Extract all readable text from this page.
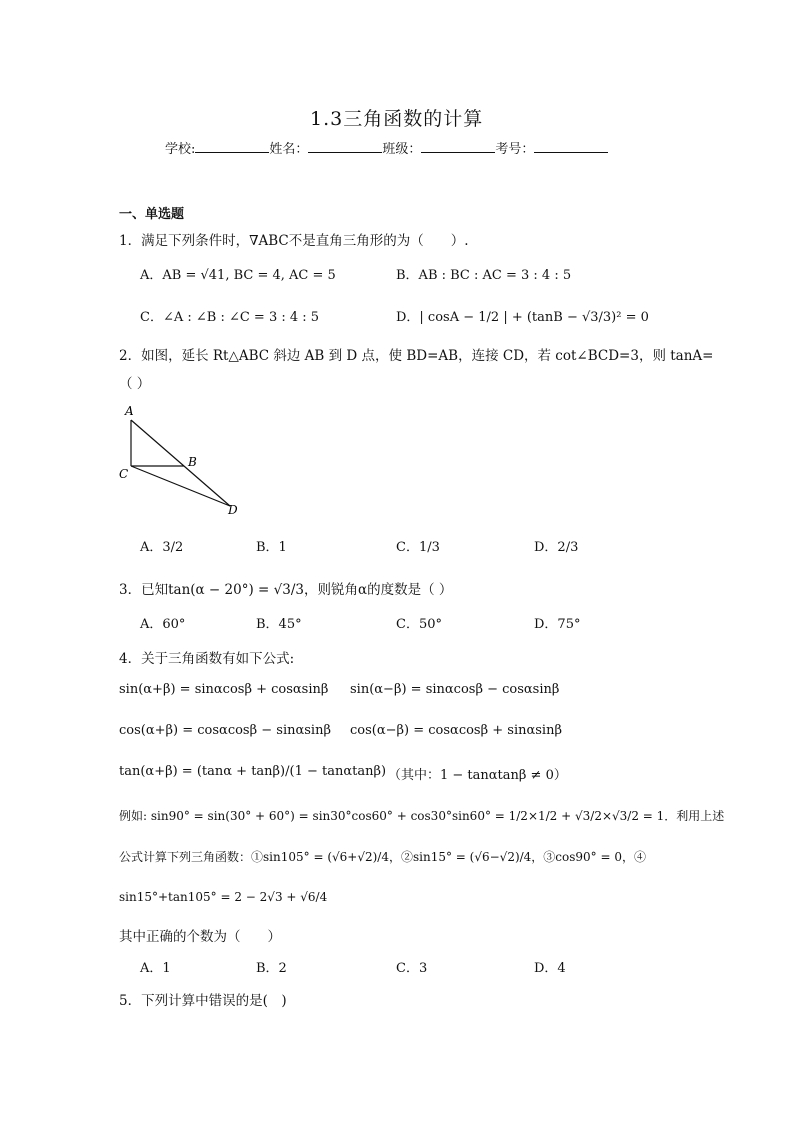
1.3三角函数的计算
学校:	姓名：	班级：	考号：
一、单选题
1．满足下列条件时，∇ABC不是直角三角形的为（　　）.
A．AB = √41, BC = 4, AC = 5	B．AB : BC : AC = 3 : 4 : 5
C．∠A : ∠B : ∠C = 3 : 4 : 5	D．| cosA − 1/2 | + (tanB − √3/3)² = 0
2．如图，延长 Rt△ABC 斜边 AB 到 D 点，使 BD=AB，连接 CD，若 cot∠BCD=3，则 tanA=
（ ）
A
B
C
D
A．3/2	B．1	C．1/3	D．2/3
3．已知tan(α − 20°) = √3/3，则锐角α的度数是（ ）
A．60°	B．45°	C．50°	D．75°
4．关于三角函数有如下公式:
sin(α+β) = sinαcosβ + cosαsinβ sin(α−β) = sinαcosβ − cosαsinβ
cos(α+β) = cosαcosβ − sinαsinβ cos(α−β) = cosαcosβ + sinαsinβ
tan(α+β) = (tanα + tanβ)/(1 − tanαtanβ) （其中：1 − tanαtanβ ≠ 0）
例如: sin90° = sin(30° + 60°) = sin30°cos60° + cos30°sin60° = 1/2×1/2 + √3/2×√3/2 = 1．利用上述
公式计算下列三角函数：①sin105° = (√6+√2)/4，②sin15° = (√6−√2)/4，③cos90° = 0，④
sin15°+tan105° = 2 − 2√3 + √6/4
其中正确的个数为（　　）
A．1	B．2	C．3	D．4
5．下列计算中错误的是(　)
